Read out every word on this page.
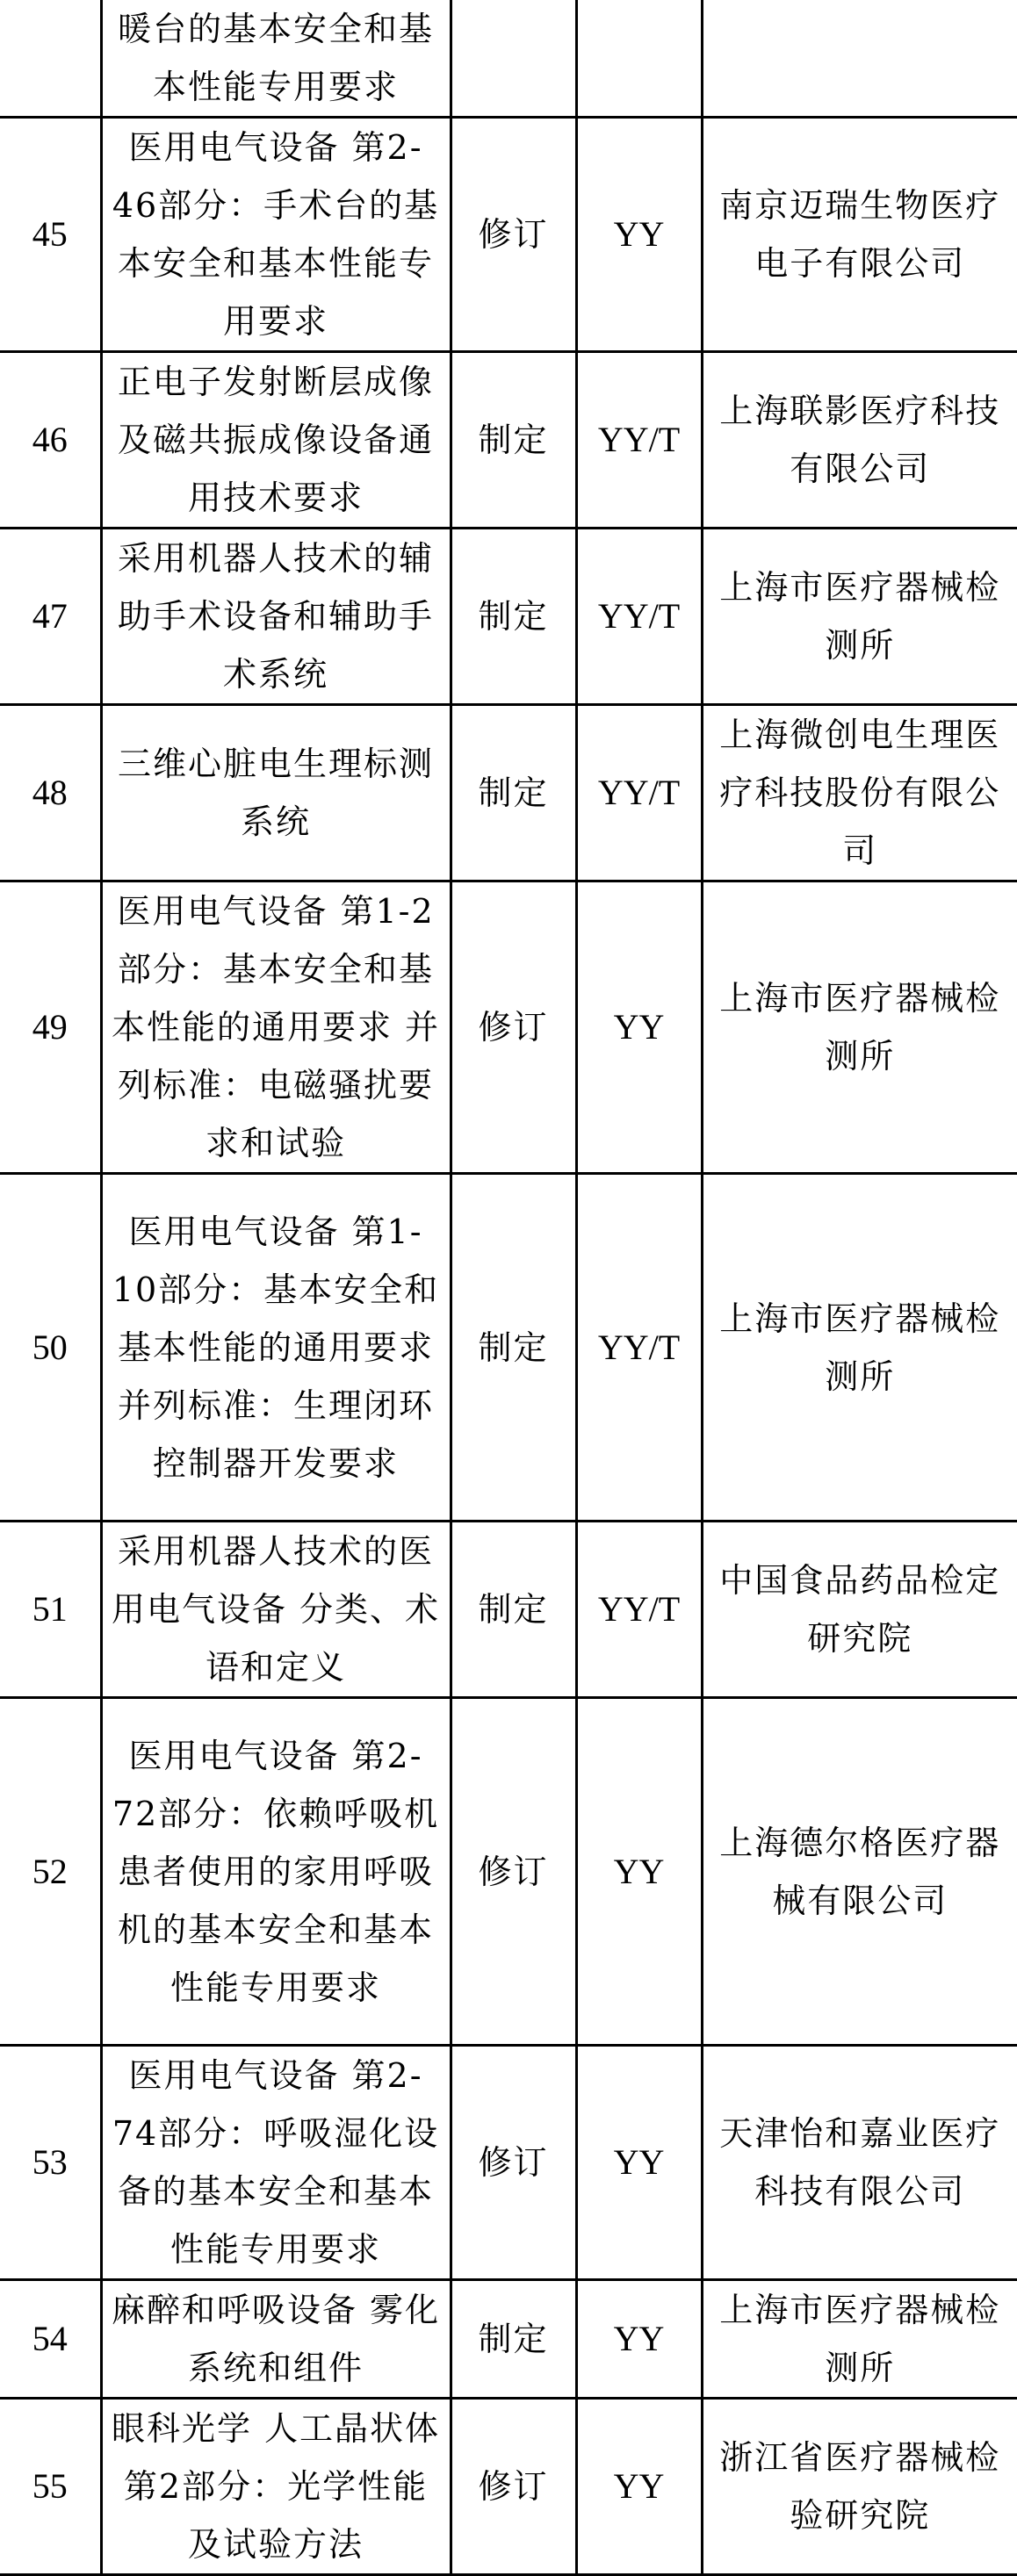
	暖台的基本安全和基本性能专用要求			
45	医用电气设备 第2-46部分：手术台的基本安全和基本性能专用要求	修订	YY	南京迈瑞生物医疗电子有限公司
46	正电子发射断层成像及磁共振成像设备通用技术要求	制定	YY/T	上海联影医疗科技有限公司
47	采用机器人技术的辅助手术设备和辅助手术系统	制定	YY/T	上海市医疗器械检测所
48	三维心脏电生理标测系统	制定	YY/T	上海微创电生理医疗科技股份有限公司
49	医用电气设备 第1-2部分：基本安全和基本性能的通用要求 并列标准：电磁骚扰要求和试验	修订	YY	上海市医疗器械检测所
50	医用电气设备 第1-10部分：基本安全和基本性能的通用要求 并列标准：生理闭环控制器开发要求	制定	YY/T	上海市医疗器械检测所
51	采用机器人技术的医用电气设备 分类、术语和定义	制定	YY/T	中国食品药品检定研究院
52	医用电气设备 第2-72部分：依赖呼吸机患者使用的家用呼吸机的基本安全和基本性能专用要求	修订	YY	上海德尔格医疗器械有限公司
53	医用电气设备 第2-74部分：呼吸湿化设备的基本安全和基本性能专用要求	修订	YY	天津怡和嘉业医疗科技有限公司
54	麻醉和呼吸设备 雾化系统和组件	制定	YY	上海市医疗器械检测所
55	眼科光学 人工晶状体 第2部分：光学性能及试验方法	修订	YY	浙江省医疗器械检验研究院
